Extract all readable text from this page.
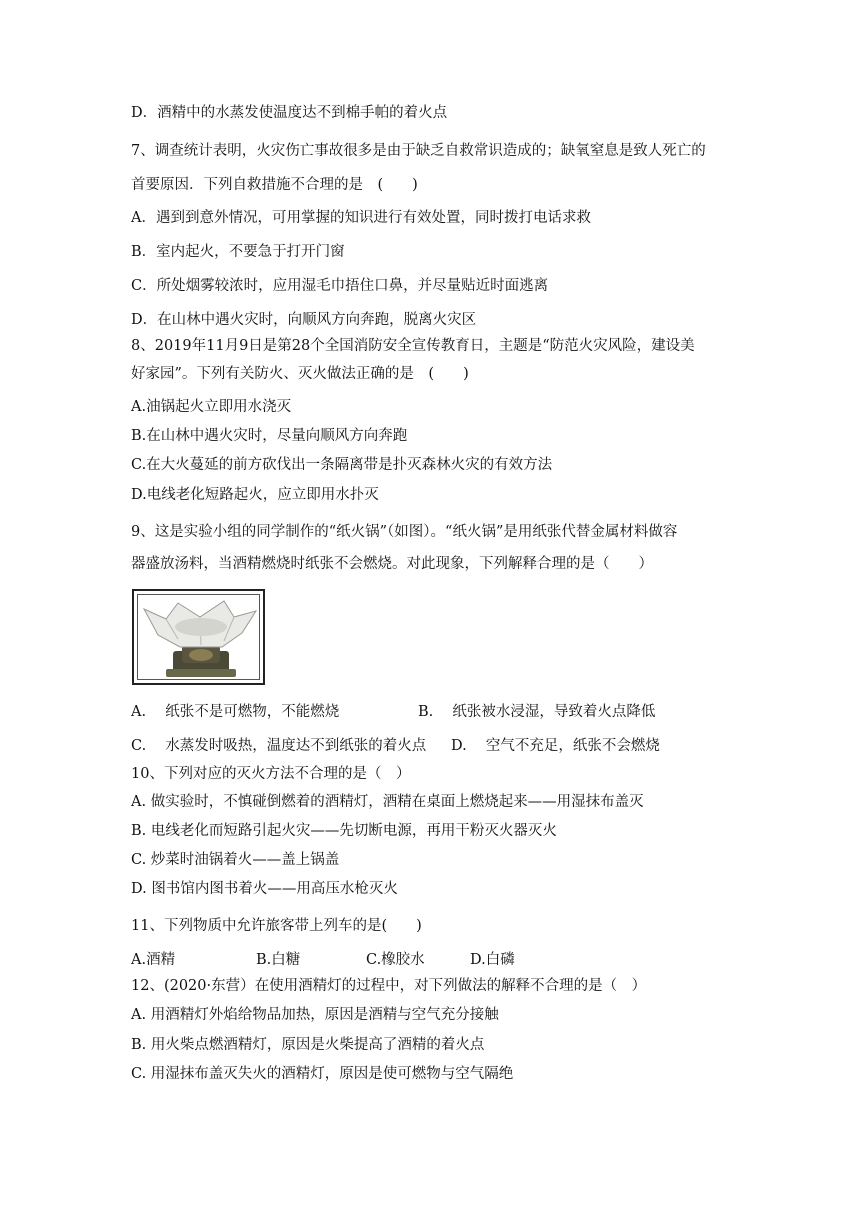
D．酒精中的水蒸发使温度达不到棉手帕的着火点
7、调查统计表明，火灾伤亡事故很多是由于缺乏自救常识造成的；缺氧窒息是致人死亡的
首要原因．下列自救措施不合理的是　(　　)
A．遇到到意外情况，可用掌握的知识进行有效处置，同时拨打电话求救
B．室内起火，不要急于打开门窗
C．所处烟雾较浓时，应用湿毛巾捂住口鼻，并尽量贴近时面逃离
D．在山林中遇火灾时，向顺风方向奔跑，脱离火灾区
8、2019年11月9日是第28个全国消防安全宣传教育日，主题是“防范火灾风险，建设美
好家园”。下列有关防火、灭火做法正确的是　(　　)
A.油锅起火立即用水浇灭
B.在山林中遇火灾时，尽量向顺风方向奔跑
C.在大火蔓延的前方砍伐出一条隔离带是扑灭森林火灾的有效方法
D.电线老化短路起火，应立即用水扑灭
9、这是实验小组的同学制作的“纸火锅”（如图）。“纸火锅”是用纸张代替金属材料做容
器盛放汤料，当酒精燃烧时纸张不会燃烧。对此现象，下列解释合理的是（　　）
A.　 纸张不是可燃物，不能燃烧	B.　 纸张被水浸湿，导致着火点降低
C.　 水蒸发时吸热，温度达不到纸张的着火点 D.　 空气不充足，纸张不会燃烧
10、下列对应的灭火方法不合理的是（　）
A. 做实验时，不慎碰倒燃着的酒精灯，酒精在桌面上燃烧起来——用湿抹布盖灭
B. 电线老化而短路引起火灾——先切断电源，再用干粉灭火器灭火
C. 炒菜时油锅着火——盖上锅盖
D. 图书馆内图书着火——用高压水枪灭火
11、下列物质中允许旅客带上列车的是(　　)
A.酒精	B.白糖	C.橡胶水	D.白磷
12、(2020·东营）在使用酒精灯的过程中，对下列做法的解释不合理的是（　）
A. 用酒精灯外焰给物品加热，原因是酒精与空气充分接触
B. 用火柴点燃酒精灯，原因是火柴提高了酒精的着火点
C. 用湿抹布盖灭失火的酒精灯，原因是使可燃物与空气隔绝
